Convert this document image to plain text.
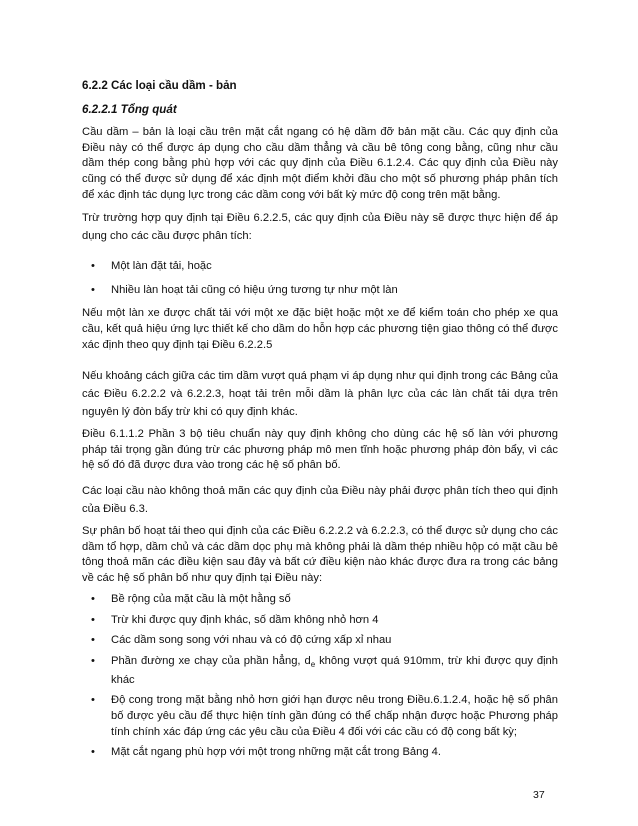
6.2.2 Các loại cầu dầm - bản
6.2.2.1 Tổng quát

Cầu dầm – bản là loại cầu trên mặt cắt ngang có hệ dầm đỡ bản mặt cầu. Các quy định của Điều này có thể được áp dụng cho cầu dầm thẳng và cầu bê tông cong bằng, cũng như cầu dầm thép cong bằng phù hợp với các quy định của Điều 6.1.2.4. Các quy định của Điều này cũng có thể được sử dụng để xác định một điểm khởi đầu cho một số phương pháp phân tích để xác định tác dụng lực trong các dầm cong với bất kỳ mức độ cong trên mặt bằng.

Trừ trường hợp quy định tại Điều 6.2.2.5, các quy định của Điều này sẽ được thực hiện để áp dụng cho các cầu được phân tích:

• Một làn đặt tải, hoặc
• Nhiều làn hoạt tải cũng có hiệu ứng tương tự như một làn

Nếu một làn xe được chất tải với một xe đặc biệt hoặc một xe để kiểm toán cho phép xe qua cầu, kết quả hiệu ứng lực thiết kế cho dầm do hỗn hợp các phương tiện giao thông có thể được xác định theo quy định tại Điều 6.2.2.5

Nếu khoảng cách giữa các tim dầm vượt quá phạm vi áp dụng như qui định trong các Bảng của các Điều 6.2.2.2 và 6.2.2.3, hoạt tải trên mỗi dầm là phân lực của các làn chất tải dựa trên nguyên lý đòn bẩy trừ khi có quy định khác.

Điều 6.1.1.2 Phần 3 bộ tiêu chuẩn này quy định không cho dùng các hệ số làn với phương pháp tải trọng gần đúng trừ các phương pháp mô men tĩnh hoặc phương pháp đòn bẩy, vì các hệ số đó đã được đưa vào trong các hệ số phân bố.

Các loại cầu nào không thoả mãn các quy định của Điều này phải được phân tích theo qui định của Điều 6.3.

Sự phân bố hoạt tải theo qui định của các Điều 6.2.2.2 và 6.2.2.3, có thể được sử dụng cho các dầm tổ hợp, dầm chủ và các dầm dọc phụ mà không phải là dầm thép nhiều hộp có mặt cầu bê tông thoả mãn các điều kiện sau đây và bất cứ điều kiện nào khác được đưa ra trong các bảng về các hệ số phân bố như quy định tại Điều này:

• Bề rộng của mặt cầu là một hằng số
• Trừ khi được quy định khác, số dầm không nhỏ hơn 4
• Các dầm song song với nhau và có độ cứng xấp xỉ nhau
• Phần đường xe chạy của phần hẳng, $d_e$ không vượt quá 910mm, trừ khi được quy định khác
• Độ cong trong mặt bằng nhỏ hơn giới hạn được nêu trong Điều.6.1.2.4, hoặc hệ số phân bố được yêu cầu để thực hiện tính gần đúng có thể chấp nhận được hoặc Phương pháp tính chính xác đáp ứng các yêu cầu của Điều 4 đối với các cầu có độ cong bất kỳ;
• Mặt cắt ngang phù hợp với một trong những mặt cắt trong Bảng 4.
37
